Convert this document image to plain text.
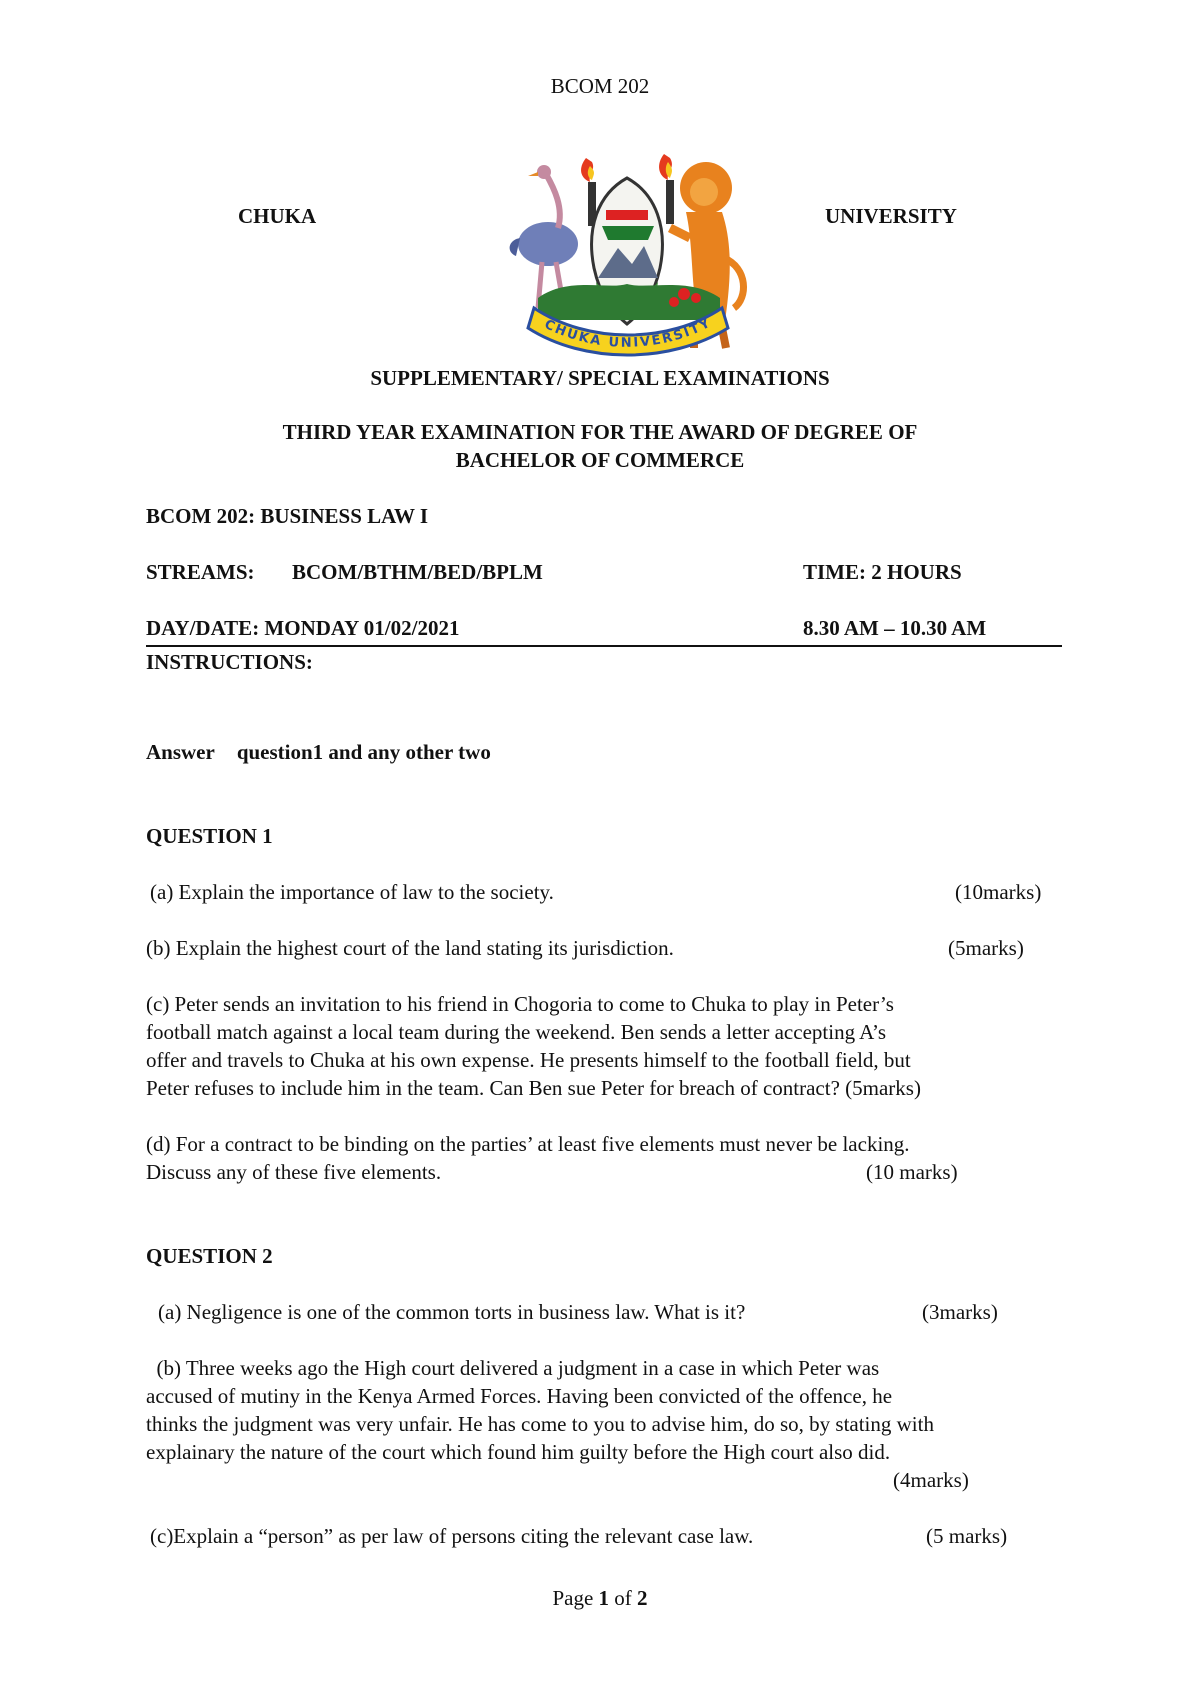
BCOM 202
CHUKA	UNIVERSITY
CHUKA UNIVERSITY
SUPPLEMENTARY/ SPECIAL EXAMINATIONS
THIRD YEAR EXAMINATION FOR THE AWARD OF DEGREE OF
BACHELOR OF COMMERCE
BCOM 202: BUSINESS LAW I
STREAMS: BCOM/BTHM/BED/BPLM	TIME: 2 HOURS
DAY/DATE: MONDAY 01/02/2021	8.30 AM – 10.30 AM
INSTRUCTIONS:
Answer question1 and any other two
QUESTION 1
(a) Explain the importance of law to the society.	(10marks)
(b) Explain the highest court of the land stating its jurisdiction.	(5marks)
(c) Peter sends an invitation to his friend in Chogoria to come to Chuka to play in Peter’s
football match against a local team during the weekend. Ben sends a letter accepting A’s
offer and travels to Chuka at his own expense. He presents himself to the football field, but
Peter refuses to include him in the team. Can Ben sue Peter for breach of contract? (5marks)
(d) For a contract to be binding on the parties’ at least five elements must never be lacking.
Discuss any of these five elements.	(10 marks)
QUESTION 2
(a) Negligence is one of the common torts in business law. What is it?	(3marks)
(b) Three weeks ago the High court delivered a judgment in a case in which Peter was
accused of mutiny in the Kenya Armed Forces. Having been convicted of the offence, he
thinks the judgment was very unfair. He has come to you to advise him, do so, by stating with
explainary the nature of the court which found him guilty before the High court also did.
(4marks)
(c)Explain a “person” as per law of persons citing the relevant case law.	(5 marks)
Page 1 of 2
